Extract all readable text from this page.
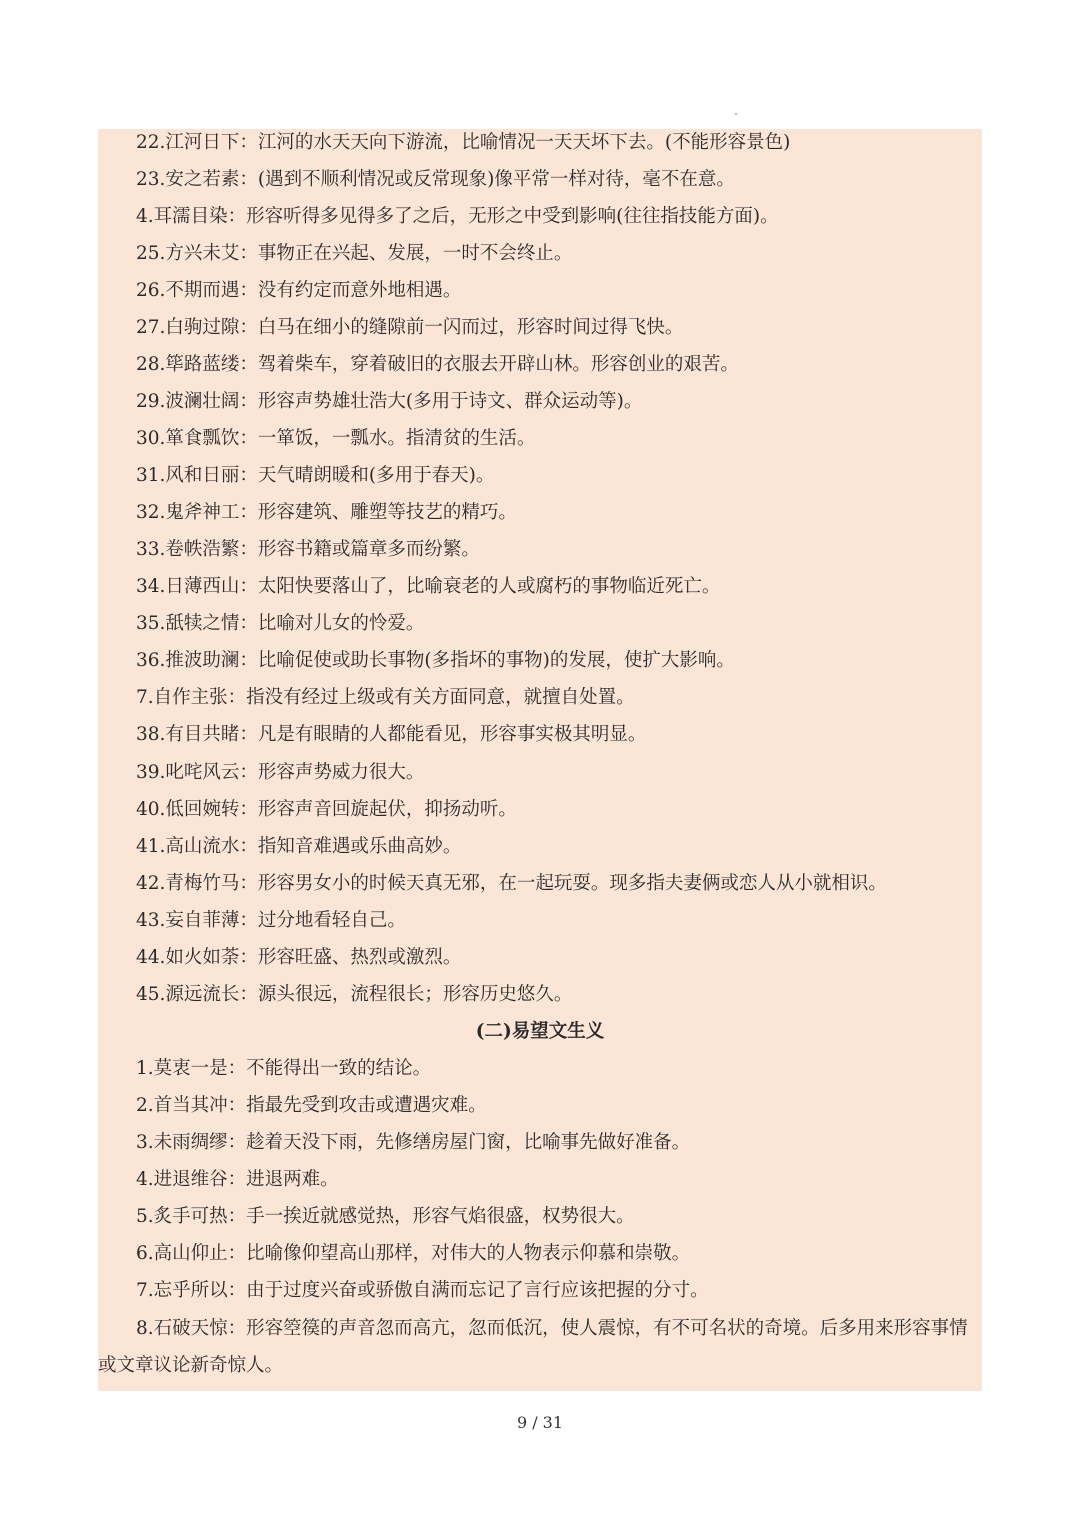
22.江河日下：江河的水天天向下游流，比喻情况一天天坏下去。(不能形容景色)
23.安之若素：(遇到不顺利情况或反常现象)像平常一样对待，毫不在意。
4.耳濡目染：形容听得多见得多了之后，无形之中受到影响(往往指技能方面)。
25.方兴未艾：事物正在兴起、发展，一时不会终止。
26.不期而遇：没有约定而意外地相遇。
27.白驹过隙：白马在细小的缝隙前一闪而过，形容时间过得飞快。
28.筚路蓝缕：驾着柴车，穿着破旧的衣服去开辟山林。形容创业的艰苦。
29.波澜壮阔：形容声势雄壮浩大(多用于诗文、群众运动等)。
30.箪食瓢饮：一箪饭，一瓢水。指清贫的生活。
31.风和日丽：天气晴朗暖和(多用于春天)。
32.鬼斧神工：形容建筑、雕塑等技艺的精巧。
33.卷帙浩繁：形容书籍或篇章多而纷繁。
34.日薄西山：太阳快要落山了，比喻衰老的人或腐朽的事物临近死亡。
35.舐犊之情：比喻对儿女的怜爱。
36.推波助澜：比喻促使或助长事物(多指坏的事物)的发展，使扩大影响。
7.自作主张：指没有经过上级或有关方面同意，就擅自处置。
38.有目共睹：凡是有眼睛的人都能看见，形容事实极其明显。
39.叱咤风云：形容声势威力很大。
40.低回婉转：形容声音回旋起伏，抑扬动听。
41.高山流水：指知音难遇或乐曲高妙。
42.青梅竹马：形容男女小的时候天真无邪，在一起玩耍。现多指夫妻俩或恋人从小就相识。
43.妄自菲薄：过分地看轻自己。
44.如火如荼：形容旺盛、热烈或激烈。
45.源远流长：源头很远，流程很长；形容历史悠久。
(二)易望文生义
1.莫衷一是：不能得出一致的结论。
2.首当其冲：指最先受到攻击或遭遇灾难。
3.未雨绸缪：趁着天没下雨，先修缮房屋门窗，比喻事先做好准备。
4.进退维谷：进退两难。
5.炙手可热：手一挨近就感觉热，形容气焰很盛，权势很大。
6.高山仰止：比喻像仰望高山那样，对伟大的人物表示仰慕和崇敬。
7.忘乎所以：由于过度兴奋或骄傲自满而忘记了言行应该把握的分寸。
8.石破天惊：形容箜篌的声音忽而高亢，忽而低沉，使人震惊，有不可名状的奇境。后多用来形容事情或文章议论新奇惊人。
9 / 31
